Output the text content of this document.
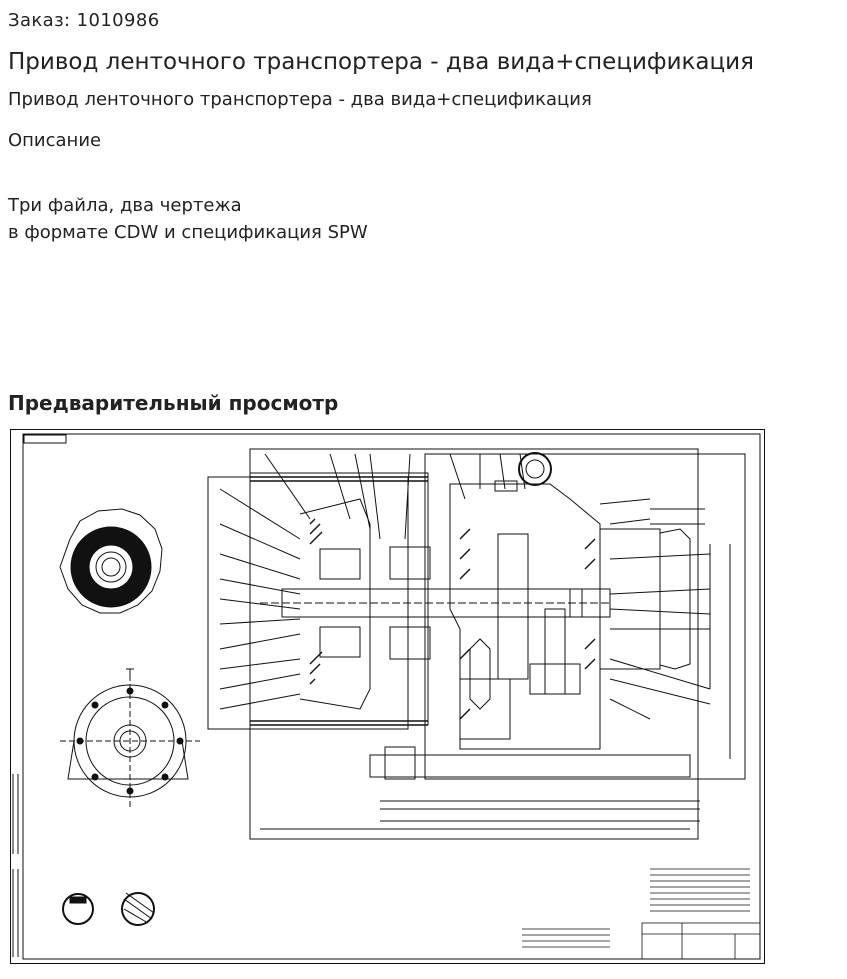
Заказ: 1010986
Привод ленточного транспортера - два вида+спецификация
Привод ленточного транспортера - два вида+спецификация
Описание
Три файла, два чертежа
в формате CDW и спецификация SPW
Предварительный просмотр
